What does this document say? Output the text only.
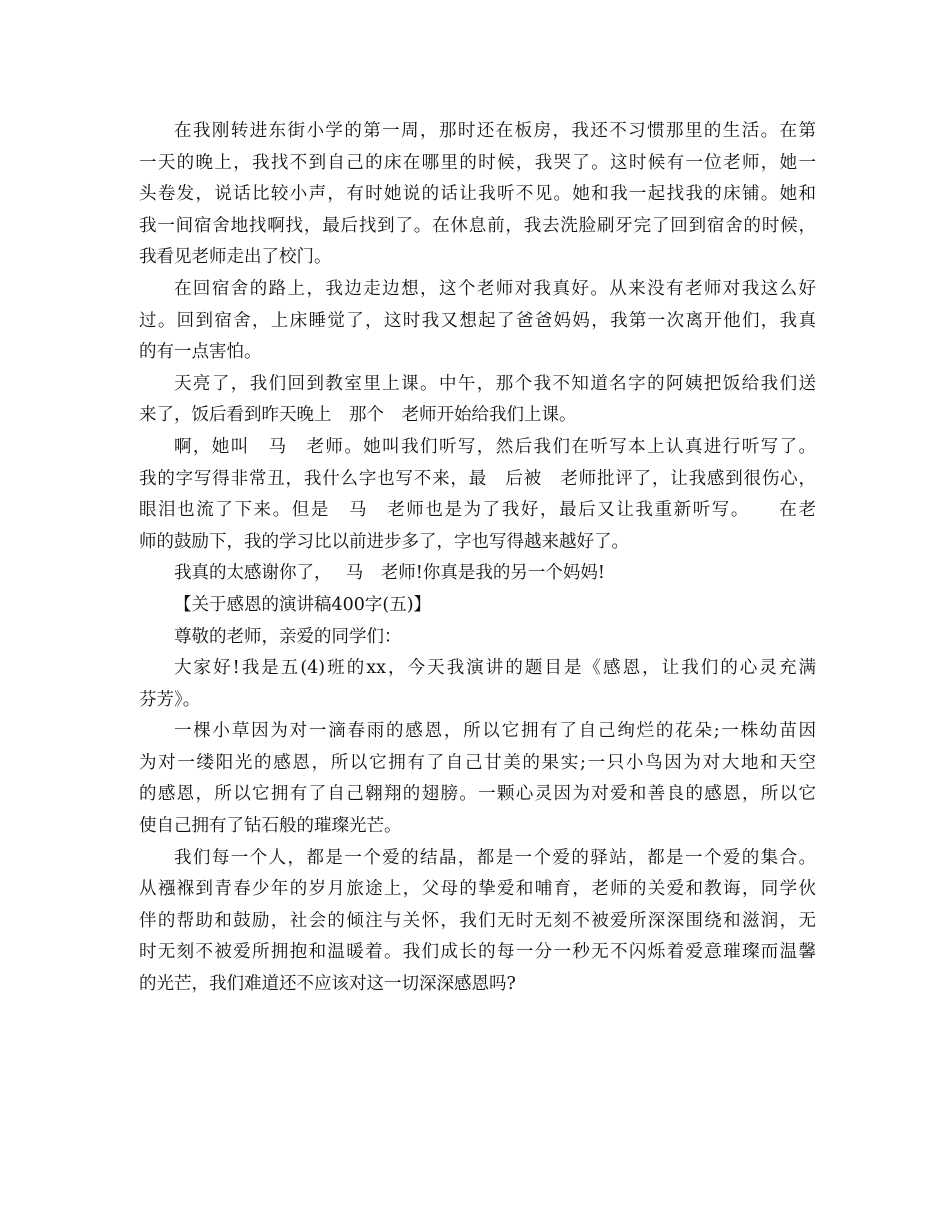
在我刚转进东街小学的第一周，那时还在板房，我还不习惯那里的生活。在第
一天的晚上，我找不到自己的床在哪里的时候，我哭了。这时候有一位老师，她一
头卷发，说话比较小声，有时她说的话让我听不见。她和我一起找我的床铺。她和
我一间宿舍地找啊找，最后找到了。在休息前，我去洗脸刷牙完了回到宿舍的时候，
我看见老师走出了校门。
在回宿舍的路上，我边走边想，这个老师对我真好。从来没有老师对我这么好
过。回到宿舍，上床睡觉了，这时我又想起了爸爸妈妈，我第一次离开他们，我真
的有一点害怕。
天亮了，我们回到教室里上课。中午，那个我不知道名字的阿姨把饭给我们送
来了，饭后看到昨天晚上　那个　老师开始给我们上课。
啊，她叫　马　老师。她叫我们听写，然后我们在听写本上认真进行听写了。
我的字写得非常丑，我什么字也写不来，最　后被　老师批评了，让我感到很伤心，
眼泪也流了下来。但是　马　老师也是为了我好，最后又让我重新听写。　　在老
师的鼓励下，我的学习比以前进步多了，字也写得越来越好了。
我真的太感谢你了，　 马　老师!你真是我的另一个妈妈!
【关于感恩的演讲稿400字(五)】
尊敬的老师，亲爱的同学们：
大家好!我是五(4)班的xx，今天我演讲的题目是《感恩，让我们的心灵充满
芬芳》。
一棵小草因为对一滴春雨的感恩，所以它拥有了自己绚烂的花朵;一株幼苗因
为对一缕阳光的感恩，所以它拥有了自己甘美的果实;一只小鸟因为对大地和天空
的感恩，所以它拥有了自己翱翔的翅膀。一颗心灵因为对爱和善良的感恩，所以它
使自己拥有了钻石般的璀璨光芒。
我们每一个人，都是一个爱的结晶，都是一个爱的驿站，都是一个爱的集合。
从襁褓到青春少年的岁月旅途上，父母的挚爱和哺育，老师的关爱和教诲，同学伙
伴的帮助和鼓励，社会的倾注与关怀，我们无时无刻不被爱所深深围绕和滋润，无
时无刻不被爱所拥抱和温暖着。我们成长的每一分一秒无不闪烁着爱意璀璨而温馨
的光芒，我们难道还不应该对这一切深深感恩吗?
